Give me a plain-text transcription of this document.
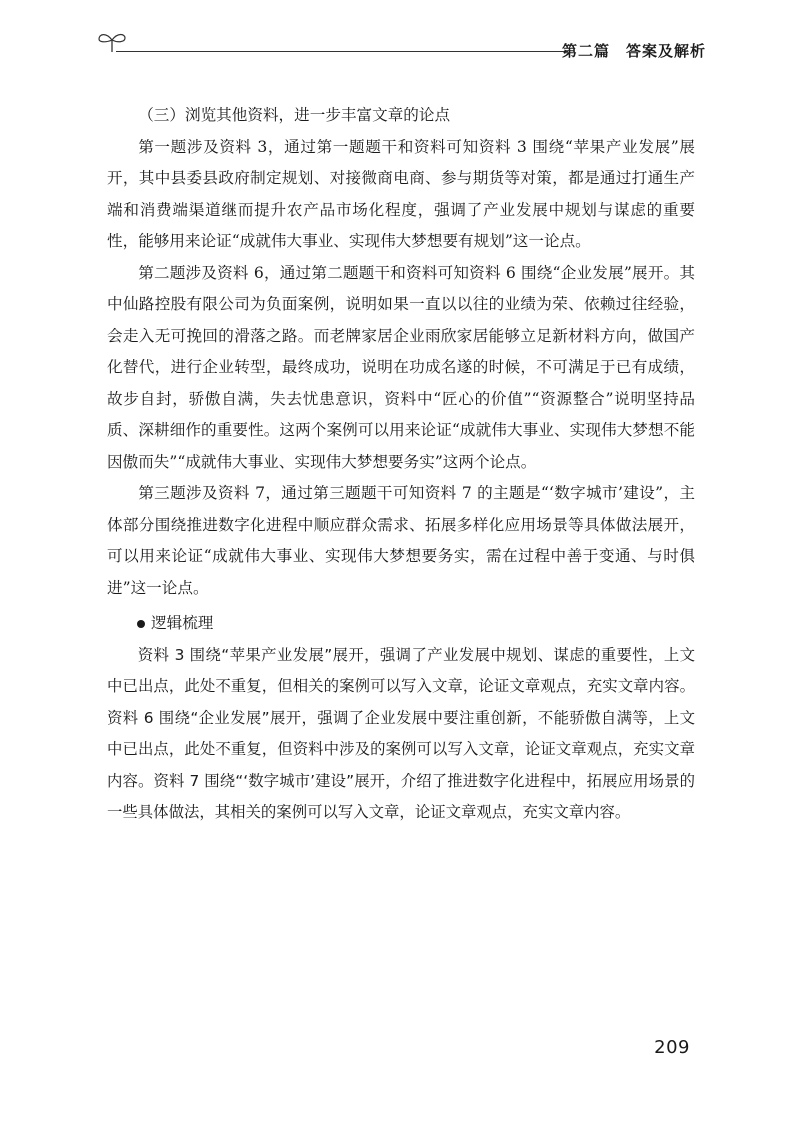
第二篇　答案及解析

（三）浏览其他资料，进一步丰富文章的论点

第一题涉及资料 3，通过第一题题干和资料可知资料 3 围绕“苹果产业发展”展开，其中县委县政府制定规划、对接微商电商、参与期货等对策，都是通过打通生产端和消费端渠道继而提升农产品市场化程度，强调了产业发展中规划与谋虑的重要性，能够用来论证“成就伟大事业、实现伟大梦想要有规划”这一论点。

第二题涉及资料 6，通过第二题题干和资料可知资料 6 围绕“企业发展”展开。其中仙路控股有限公司为负面案例，说明如果一直以以往的业绩为荣、依赖过往经验，会走入无可挽回的滑落之路。而老牌家居企业雨欣家居能够立足新材料方向，做国产化替代，进行企业转型，最终成功，说明在功成名遂的时候，不可满足于已有成绩，故步自封，骄傲自满，失去忧患意识，资料中“匠心的价值”“资源整合”说明坚持品质、深耕细作的重要性。这两个案例可以用来论证“成就伟大事业、实现伟大梦想不能因傲而失”“成就伟大事业、实现伟大梦想要务实”这两个论点。

第三题涉及资料 7，通过第三题题干可知资料 7 的主题是“‘数字城市’建设”，主体部分围绕推进数字化进程中顺应群众需求、拓展多样化应用场景等具体做法展开，可以用来论证“成就伟大事业、实现伟大梦想要务实，需在过程中善于变通、与时俱进”这一论点。

逻辑梳理

资料 3 围绕“苹果产业发展”展开，强调了产业发展中规划、谋虑的重要性，上文中已出点，此处不重复，但相关的案例可以写入文章，论证文章观点，充实文章内容。资料 6 围绕“企业发展”展开，强调了企业发展中要注重创新，不能骄傲自满等，上文中已出点，此处不重复，但资料中涉及的案例可以写入文章，论证文章观点，充实文章内容。资料 7 围绕“‘数字城市’建设”展开，介绍了推进数字化进程中，拓展应用场景的一些具体做法，其相关的案例可以写入文章，论证文章观点，充实文章内容。

209
